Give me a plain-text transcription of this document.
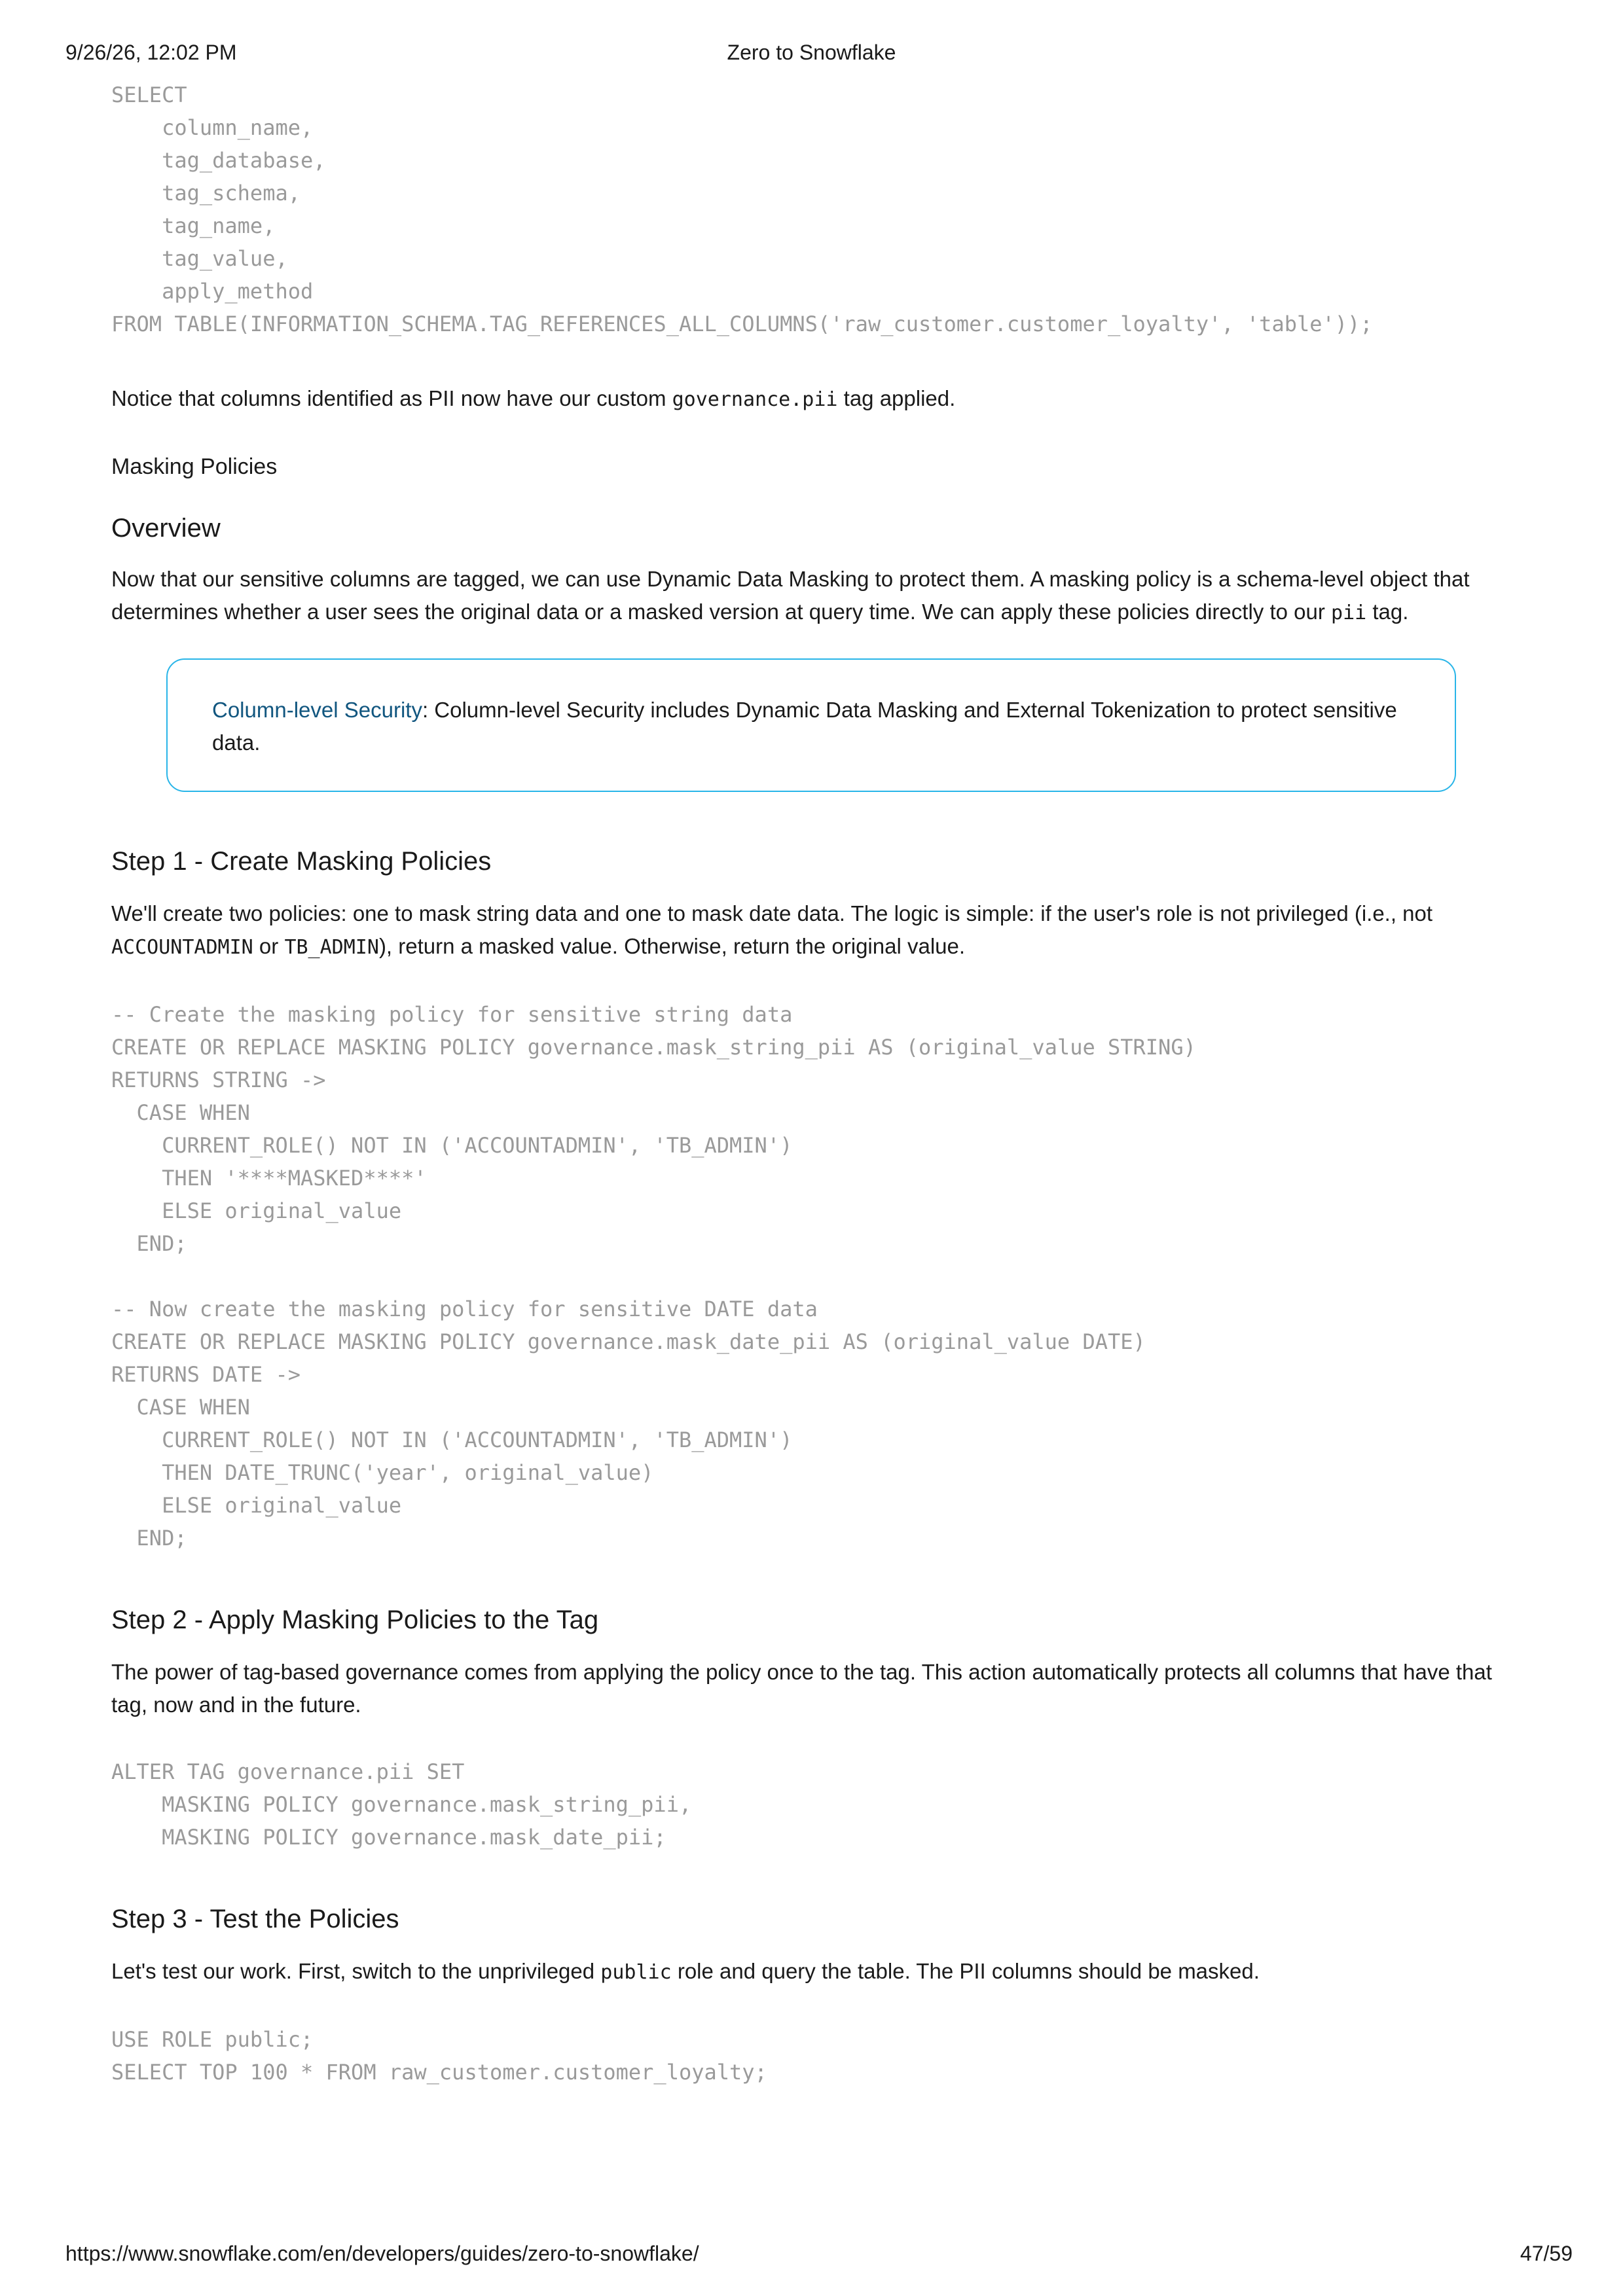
9/26/26, 12:02 PM	Zero to Snowflake
SELECT
column_name,
tag_database,
tag_schema,
tag_name,
tag_value,
apply_method
FROM TABLE(INFORMATION_SCHEMA.TAG_REFERENCES_ALL_COLUMNS('raw_customer.customer_loyalty', 'table'));

Notice that columns identified as PII now have our custom governance.pii tag applied.

Masking Policies
Overview

Now that our sensitive columns are tagged, we can use Dynamic Data Masking to protect them. A masking policy is a schema-level object that determines whether a user sees the original data or a masked version at query time. We can apply these policies directly to our pii tag.

Column-level Security: Column-level Security includes Dynamic Data Masking and External Tokenization to protect sensitive data.
Step 1 - Create Masking Policies

We'll create two policies: one to mask string data and one to mask date data. The logic is simple: if the user's role is not privileged (i.e., not ACCOUNTADMIN or TB_ADMIN), return a masked value. Otherwise, return the original value.

-- Create the masking policy for sensitive string data
CREATE OR REPLACE MASKING POLICY governance.mask_string_pii AS (original_value STRING)
RETURNS STRING ->
CASE WHEN
CURRENT_ROLE() NOT IN ('ACCOUNTADMIN', 'TB_ADMIN')
THEN '****MASKED****'
ELSE original_value
END;

-- Now create the masking policy for sensitive DATE data
CREATE OR REPLACE MASKING POLICY governance.mask_date_pii AS (original_value DATE)
RETURNS DATE ->
CASE WHEN
CURRENT_ROLE() NOT IN ('ACCOUNTADMIN', 'TB_ADMIN')
THEN DATE_TRUNC('year', original_value)
ELSE original_value
END;
Step 2 - Apply Masking Policies to the Tag

The power of tag-based governance comes from applying the policy once to the tag. This action automatically protects all columns that have that tag, now and in the future.

ALTER TAG governance.pii SET
MASKING POLICY governance.mask_string_pii,
MASKING POLICY governance.mask_date_pii;
Step 3 - Test the Policies

Let's test our work. First, switch to the unprivileged public role and query the table. The PII columns should be masked.

USE ROLE public;
SELECT TOP 100 * FROM raw_customer.customer_loyalty;
https://www.snowflake.com/en/developers/guides/zero-to-snowflake/	47/59
